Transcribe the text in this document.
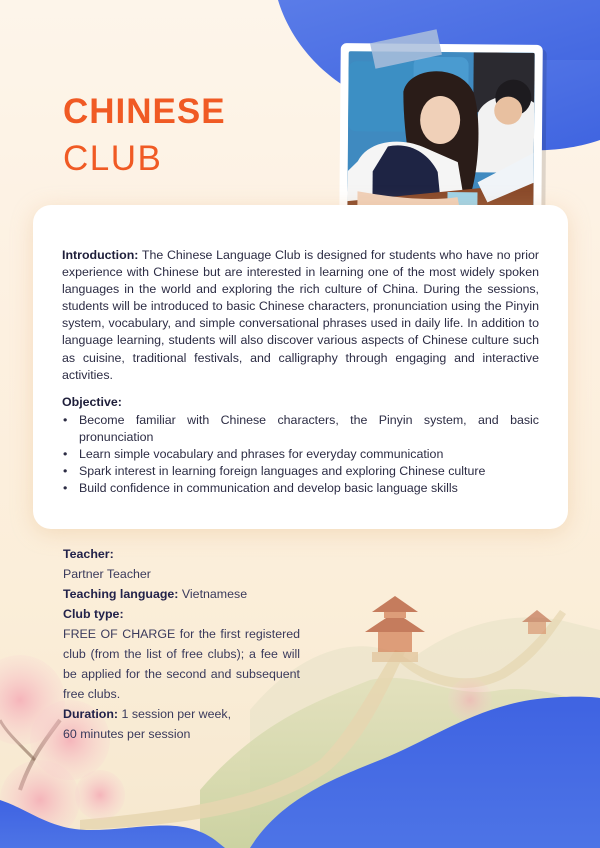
CHINESE
CLUB

Introduction: The Chinese Language Club is designed for students who have no prior experience with Chinese but are interested in learning one of the most widely spoken languages in the world and exploring the rich culture of China. During the sessions, students will be introduced to basic Chinese characters, pronunciation using the Pinyin system, vocabulary, and simple conversational phrases used in daily life. In addition to language learning, students will also discover various aspects of Chinese culture such as cuisine, traditional festivals, and calligraphy through engaging and interactive activities.

Objective:
• Become familiar with Chinese characters, the Pinyin system, and basic pronunciation
• Learn simple vocabulary and phrases for everyday communication
• Spark interest in learning foreign languages and exploring Chinese culture
• Build confidence in communication and develop basic language skills
Teacher:
Partner Teacher
Teaching language: Vietnamese
Club type:
FREE OF CHARGE for the first registered club (from the list of free clubs); a fee will be applied for the second and subsequent free clubs.
Duration: 1 session per week,
60 minutes per session
